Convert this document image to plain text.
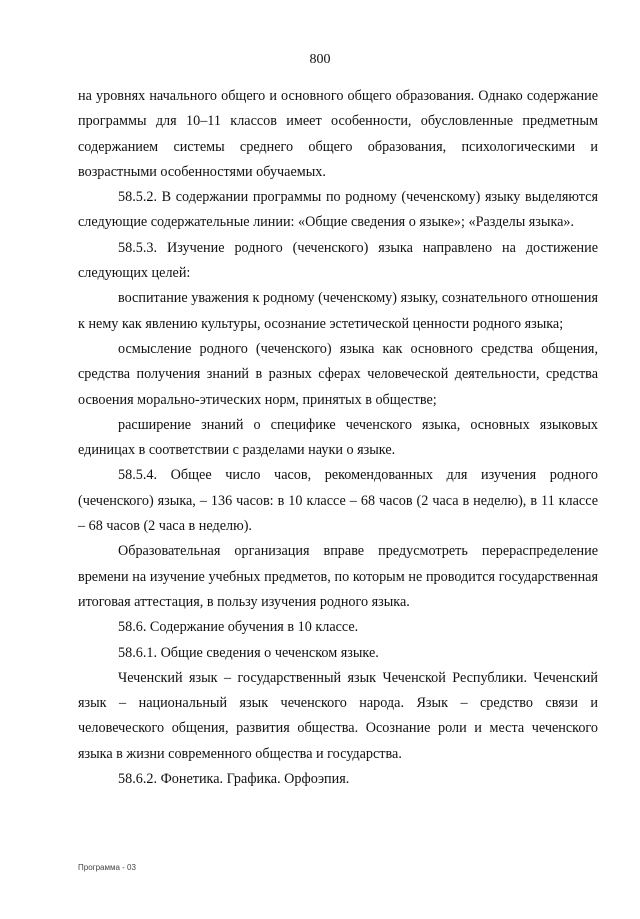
800

на уровнях начального общего и основного общего образования. Однако содержание программы для 10–11 классов имеет особенности, обусловленные предметным содержанием системы среднего общего образования, психологическими и возрастными особенностями обучаемых.

58.5.2. В содержании программы по родному (чеченскому) языку выделяются следующие содержательные линии: «Общие сведения о языке»; «Разделы языка».

58.5.3. Изучение родного (чеченского) языка направлено на достижение следующих целей:

воспитание уважения к родному (чеченскому) языку, сознательного отношения к нему как явлению культуры, осознание эстетической ценности родного языка;

осмысление родного (чеченского) языка как основного средства общения, средства получения знаний в разных сферах человеческой деятельности, средства освоения морально-этических норм, принятых в обществе;

расширение знаний о специфике чеченского языка, основных языковых единицах в соответствии с разделами науки о языке.

58.5.4. Общее число часов, рекомендованных для изучения родного (чеченского) языка, – 136 часов: в 10 классе – 68 часов (2 часа в неделю), в 11 классе – 68 часов (2 часа в неделю).

Образовательная организация вправе предусмотреть перераспределение времени на изучение учебных предметов, по которым не проводится государственная итоговая аттестация, в пользу изучения родного языка.

58.6. Содержание обучения в 10 классе.

58.6.1. Общие сведения о чеченском языке.

Чеченский язык – государственный язык Чеченской Республики. Чеченский язык – национальный язык чеченского народа. Язык – средство связи и человеческого общения, развития общества. Осознание роли и места чеченского языка в жизни современного общества и государства.

58.6.2. Фонетика. Графика. Орфоэпия.

Программа - 03
